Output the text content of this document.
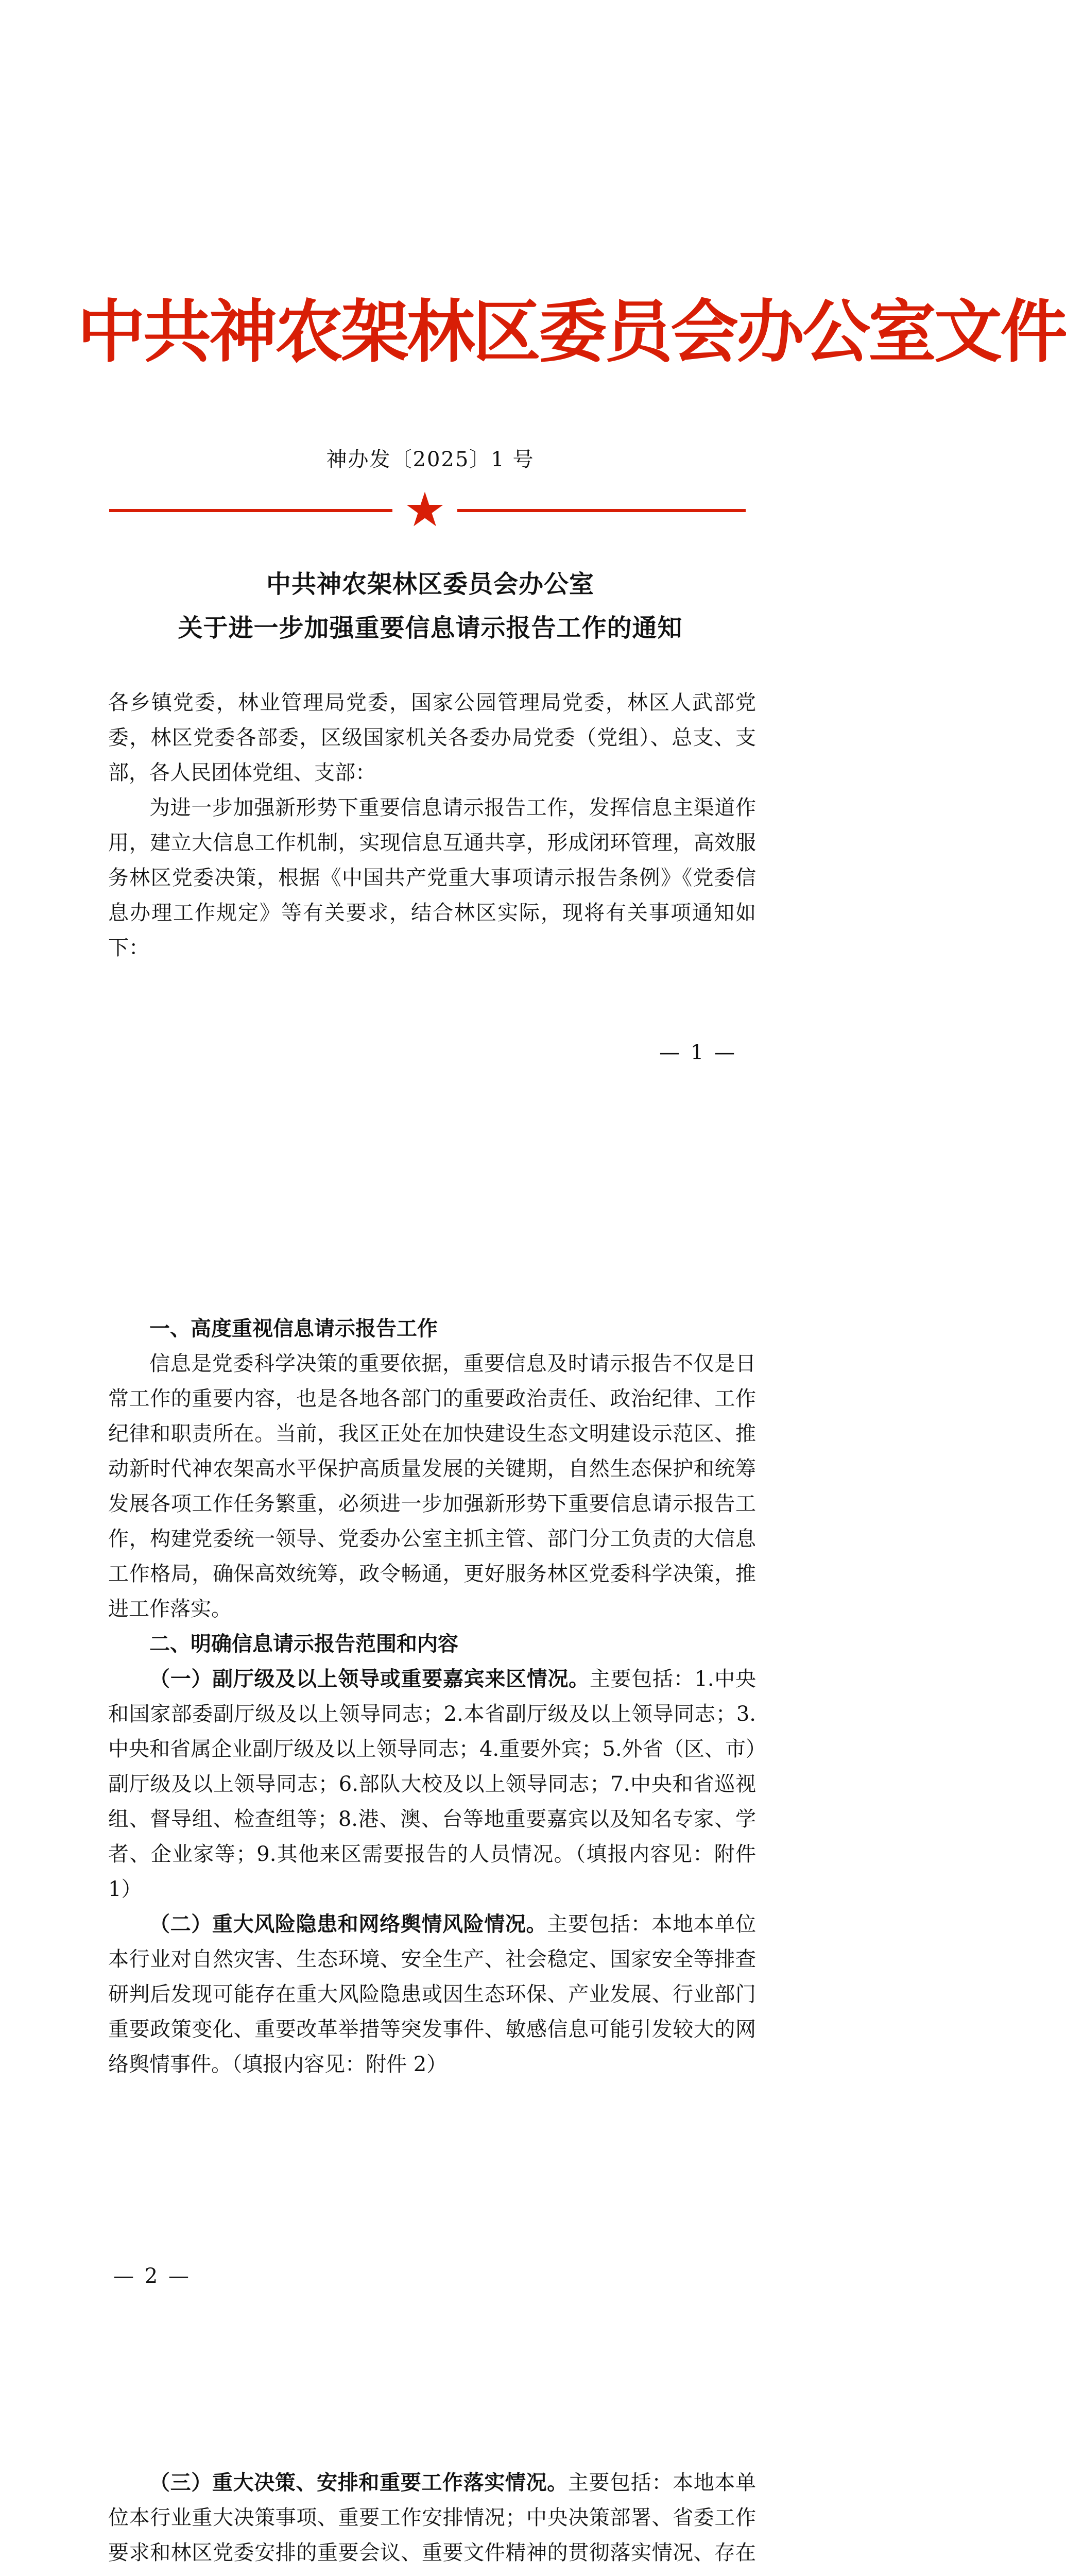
中共神农架林区委员会办公室文件
神办发〔2025〕1 号
★
中共神农架林区委员会办公室
关于进一步加强重要信息请示报告工作的通知

各乡镇党委，林业管理局党委，国家公园管理局党委，林区人武部党委，林区党委各部委，区级国家机关各委办局党委（党组）、总支、支部，各人民团体党组、支部：

为进一步加强新形势下重要信息请示报告工作，发挥信息主渠道作用，建立大信息工作机制，实现信息互通共享，形成闭环管理，高效服务林区党委决策，根据《中国共产党重大事项请示报告条例》《党委信息办理工作规定》等有关要求，结合林区实际，现将有关事项通知如下：

— 1 —

一、高度重视信息请示报告工作

信息是党委科学决策的重要依据，重要信息及时请示报告不仅是日常工作的重要内容，也是各地各部门的重要政治责任、政治纪律、工作纪律和职责所在。当前，我区正处在加快建设生态文明建设示范区、推动新时代神农架高水平保护高质量发展的关键期，自然生态保护和统筹发展各项工作任务繁重，必须进一步加强新形势下重要信息请示报告工作，构建党委统一领导、党委办公室主抓主管、部门分工负责的大信息工作格局，确保高效统筹，政令畅通，更好服务林区党委科学决策，推进工作落实。

二、明确信息请示报告范围和内容

（一）副厅级及以上领导或重要嘉宾来区情况。主要包括：1.中央和国家部委副厅级及以上领导同志；2.本省副厅级及以上领导同志；3.中央和省属企业副厅级及以上领导同志；4.重要外宾；5.外省（区、市）副厅级及以上领导同志；6.部队大校及以上领导同志；7.中央和省巡视组、督导组、检查组等；8.港、澳、台等地重要嘉宾以及知名专家、学者、企业家等；9.其他来区需要报告的人员情况。（填报内容见：附件 1）

（二）重大风险隐患和网络舆情风险情况。主要包括：本地本单位本行业对自然灾害、生态环境、安全生产、社会稳定、国家安全等排查研判后发现可能存在重大风险隐患或因生态环保、产业发展、行业部门重要政策变化、重要改革举措等突发事件、敏感信息可能引发较大的网络舆情事件。（填报内容见：附件 2）

— 2 —

（三）重大决策、安排和重要工作落实情况。主要包括：本地本单位本行业重大决策事项、重要工作安排情况；中央决策部署、省委工作要求和林区党委安排的重要会议、重要文件精神的贯彻落实情况、存在
